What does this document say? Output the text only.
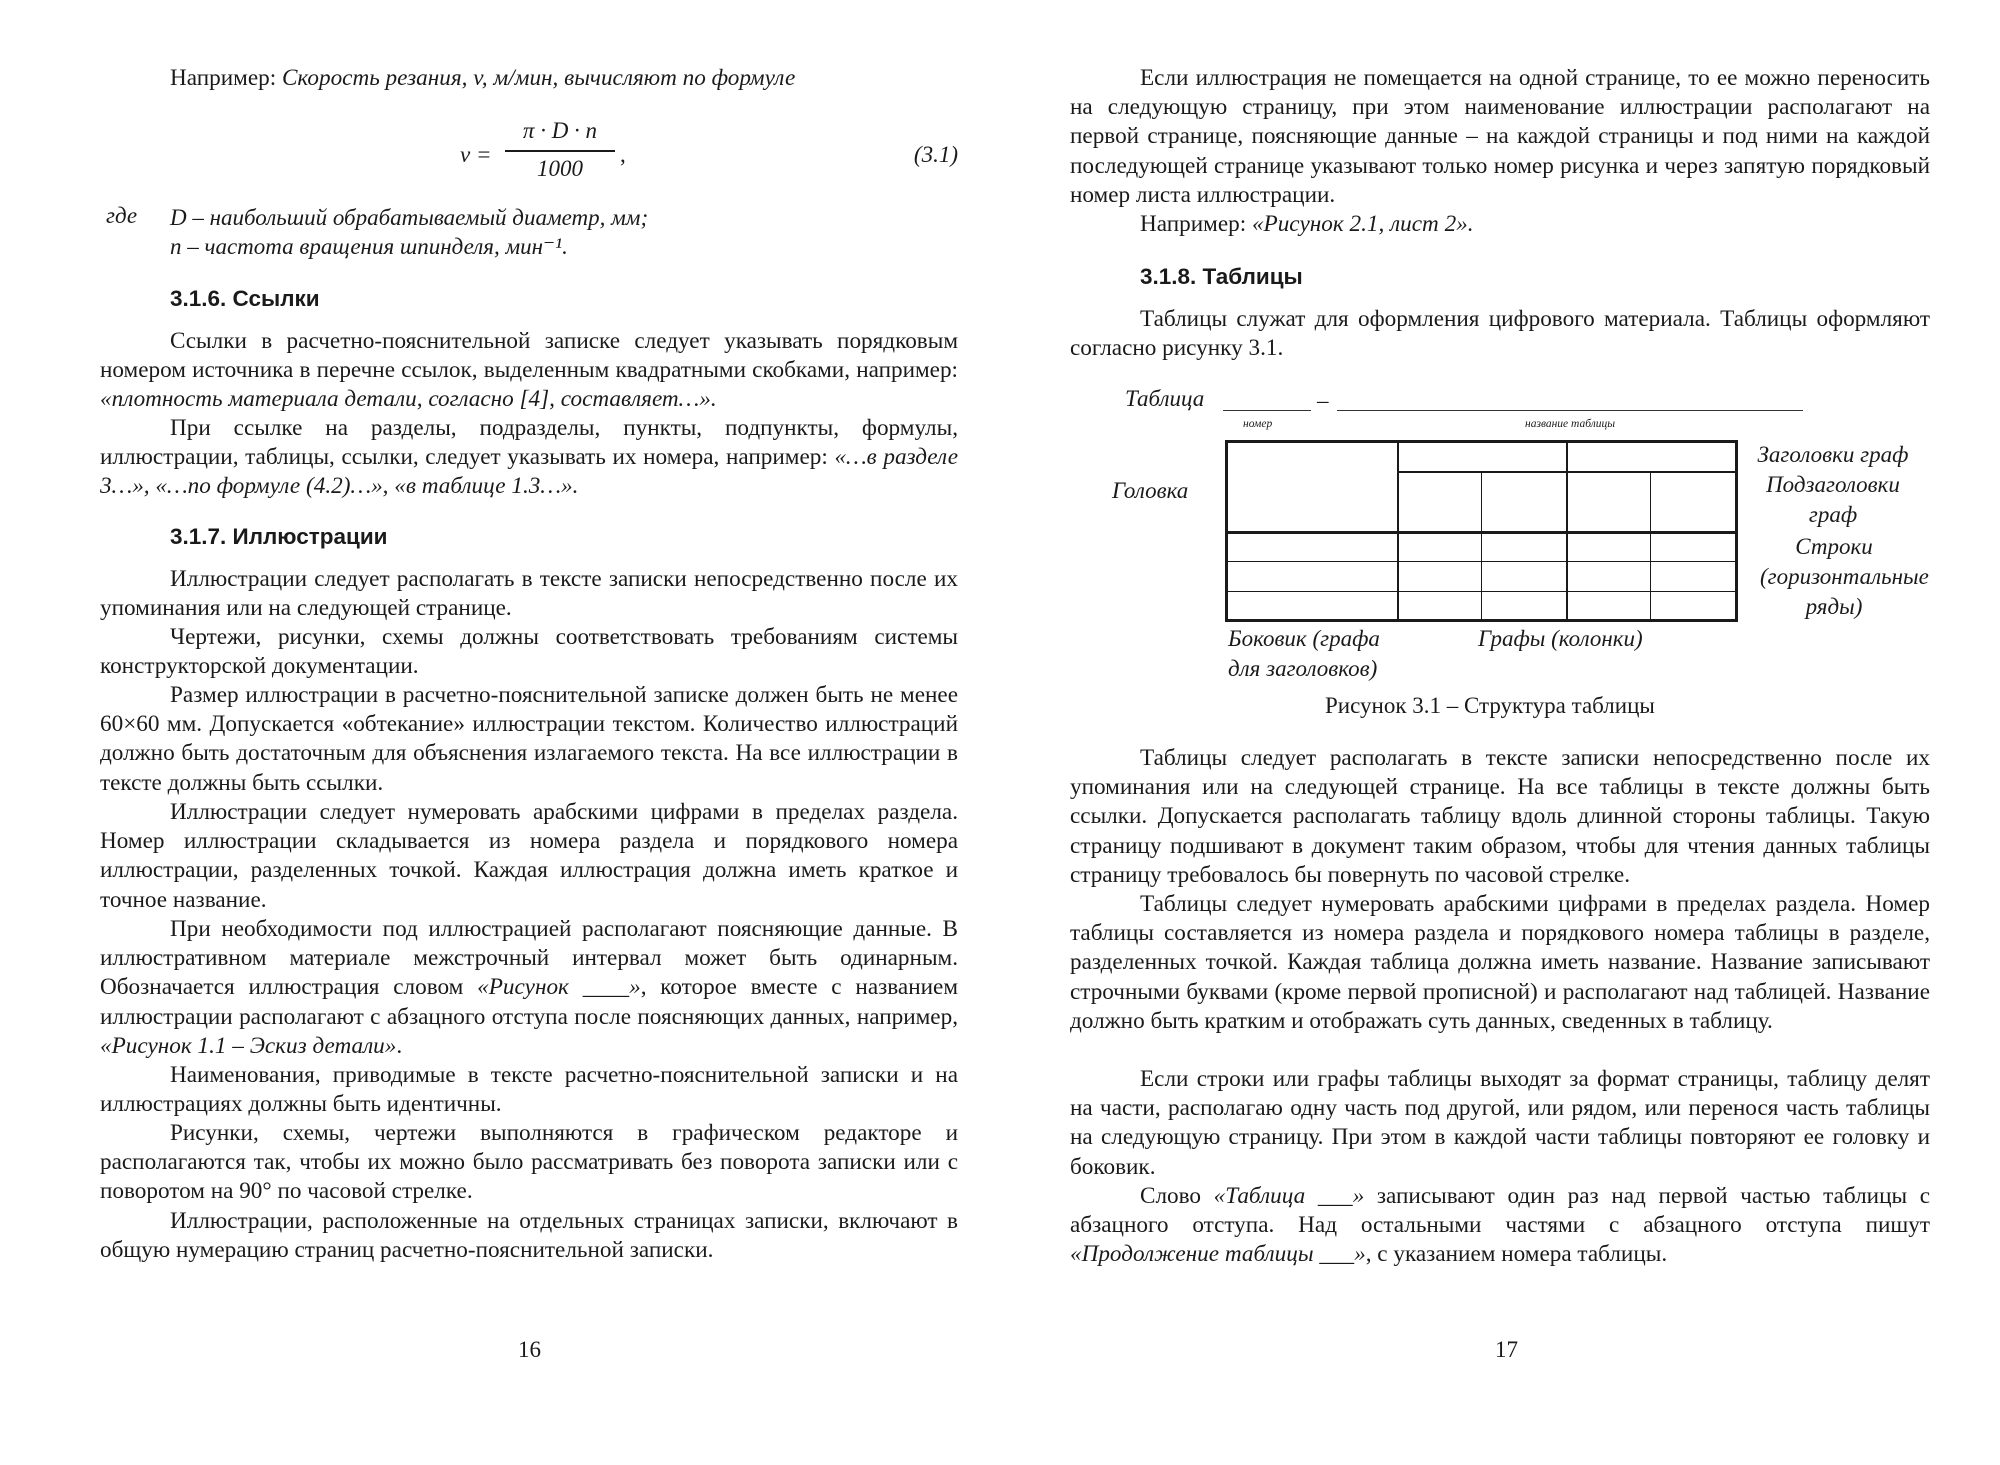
Например: Скорость резания, v, м/мин, вычисляют по формуле

v =
π · D · n
1000
,	(3.1)
где D – наибольший обрабатываемый диаметр, мм;
n – частота вращения шпинделя, мин⁻¹.
3.1.6. Ссылки

Ссылки в расчетно-пояснительной записке следует указывать порядковым номером источника в перечне ссылок, выделенным квадратными скобками, например: «плотность материала детали, согласно [4], составляет…».

При ссылке на разделы, подразделы, пункты, подпункты, формулы, иллюстрации, таблицы, ссылки, следует указывать их номера, например: «…в разделе 3…», «…по формуле (4.2)…», «в таблице 1.3…».

3.1.7. Иллюстрации

Иллюстрации следует располагать в тексте записки непосредственно после их упоминания или на следующей странице.

Чертежи, рисунки, схемы должны соответствовать требованиям системы конструкторской документации.

Размер иллюстрации в расчетно-пояснительной записке должен быть не менее 60×60 мм. Допускается «обтекание» иллюстрации текстом. Количество иллюстраций должно быть достаточным для объяснения излагаемого текста. На все иллюстрации в тексте должны быть ссылки.

Иллюстрации следует нумеровать арабскими цифрами в пределах раздела. Номер иллюстрации складывается из номера раздела и порядкового номера иллюстрации, разделенных точкой. Каждая иллюстрация должна иметь краткое и точное название.

При необходимости под иллюстрацией располагают поясняющие данные. В иллюстративном материале межстрочный интервал может быть одинарным. Обозначается иллюстрация словом «Рисунок ____», которое вместе с названием иллюстрации располагают с абзацного отступа после поясняющих данных, например, «Рисунок 1.1 – Эскиз детали».

Наименования, приводимые в тексте расчетно-пояснительной записки и на иллюстрациях должны быть идентичны.

Рисунки, схемы, чертежи выполняются в графическом редакторе и располагаются так, чтобы их можно было рассматривать без поворота записки или с поворотом на 90° по часовой стрелке.

Иллюстрации, расположенные на отдельных страницах записки, включают в общую нумерацию страниц расчетно-пояснительной записки.

16

Если иллюстрация не помещается на одной странице, то ее можно переносить на следующую страницу, при этом наименование иллюстрации располагают на первой странице, поясняющие данные – на каждой страницы и под ними на каждой последующей странице указывают только номер рисунка и через запятую порядковый номер листа иллюстрации.

Например: «Рисунок 2.1, лист 2».

3.1.8. Таблицы

Таблицы служат для оформления цифрового материала. Таблицы оформляют согласно рисунку 3.1.

Таблица	–
номер	название таблицы
Головка
Заголовки граф
Подзаголовки граф
Строки (горизонтальные ряды)
Боковик (графа для заголовков)
Графы (колонки)
Рисунок 3.1 – Структура таблицы

Таблицы следует располагать в тексте записки непосредственно после их упоминания или на следующей странице. На все таблицы в тексте должны быть ссылки. Допускается располагать таблицу вдоль длинной стороны таблицы. Такую страницу подшивают в документ таким образом, чтобы для чтения данных таблицы страницу требовалось бы повернуть по часовой стрелке.

Таблицы следует нумеровать арабскими цифрами в пределах раздела. Номер таблицы составляется из номера раздела и порядкового номера таблицы в разделе, разделенных точкой. Каждая таблица должна иметь название. Название записывают строчными буквами (кроме первой прописной) и располагают над таблицей. Название должно быть кратким и отображать суть данных, сведенных в таблицу.

Если строки или графы таблицы выходят за формат страницы, таблицу делят на части, располагаю одну часть под другой, или рядом, или перенося часть таблицы на следующую страницу. При этом в каждой части таблицы повторяют ее головку и боковик.

Слово «Таблица ___» записывают один раз над первой частью таблицы с абзацного отступа. Над остальными частями с абзацного отступа пишут «Продолжение таблицы ___», с указанием номера таблицы.

17
